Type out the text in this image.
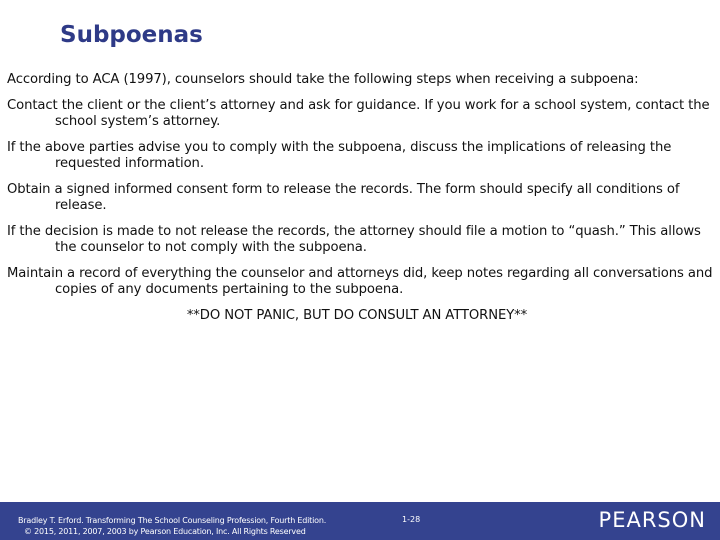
Subpoenas
According to ACA (1997), counselors should take the following steps when receiving a subpoena:
Contact the client or the client’s attorney and ask for guidance. If you work for a school system, contact the school system’s attorney.
If the above parties advise you to comply with the subpoena, discuss the implications of releasing the requested information.
Obtain a signed informed consent form to release the records. The form should specify all conditions of release.
If the decision is made to not release the records, the attorney should file a motion to “quash.” This allows the counselor to not comply with the subpoena.
Maintain a record of everything the counselor and attorneys did, keep notes regarding all conversations and copies of any documents pertaining to the subpoena.
**DO NOT PANIC, BUT DO CONSULT AN ATTORNEY**
Bradley T. Erford. Transforming The School Counseling Profession, Fourth Edition.
© 2015, 2011, 2007, 2003 by Pearson Education, Inc. All Rights Reserved
1-28	PEARSON
